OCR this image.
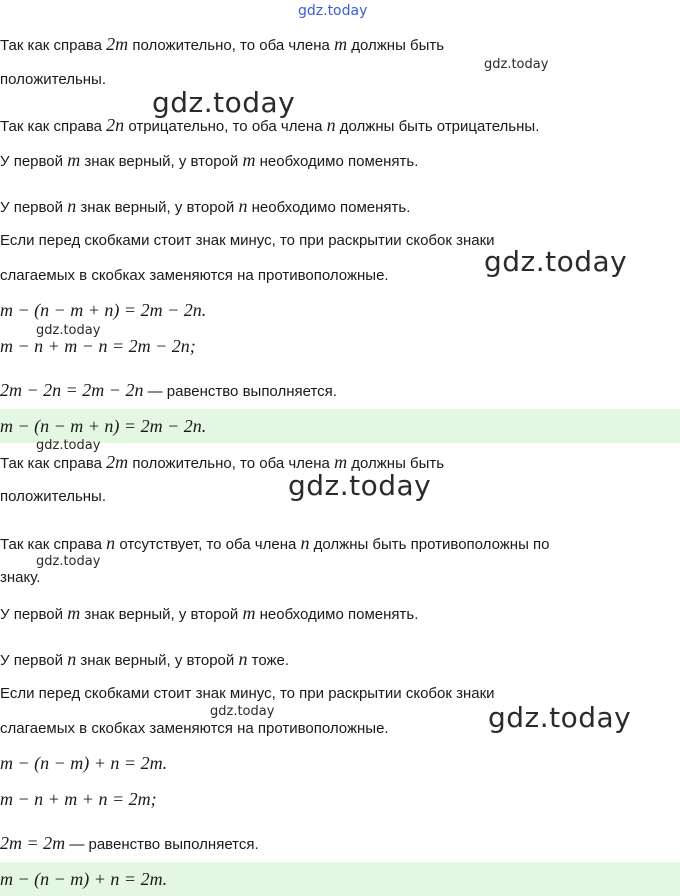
Так как справа 2m положительно, то оба члена m должны быть
положительны.
Так как справа 2n отрицательно, то оба члена n должны быть отрицательны.
У первой m знак верный, у второй m необходимо поменять.
У первой n знак верный, у второй n необходимо поменять.
Если перед скобками стоит знак минус, то при раскрытии скобок знаки
слагаемых в скобках заменяются на противоположные.
m − (n − m + n) = 2m − 2n.
m − n + m − n = 2m − 2n;
2m − 2n = 2m − 2n — равенство выполняется.
m − (n − m + n) = 2m − 2n.
Так как справа 2m положительно, то оба члена m должны быть
положительны.
Так как справа n отсутствует, то оба члена n должны быть противоположны по
знаку.
У первой m знак верный, у второй m необходимо поменять.
У первой n знак верный, у второй n тоже.
Если перед скобками стоит знак минус, то при раскрытии скобок знаки
слагаемых в скобках заменяются на противоположные.
m − (n − m) + n = 2m.
m − n + m + n = 2m;
2m = 2m — равенство выполняется.
m − (n − m) + n = 2m.
gdz.today
gdz.today
gdz.today
gdz.today
gdz.today
gdz.today
gdz.today
gdz.today
gdz.today	gdz.today
